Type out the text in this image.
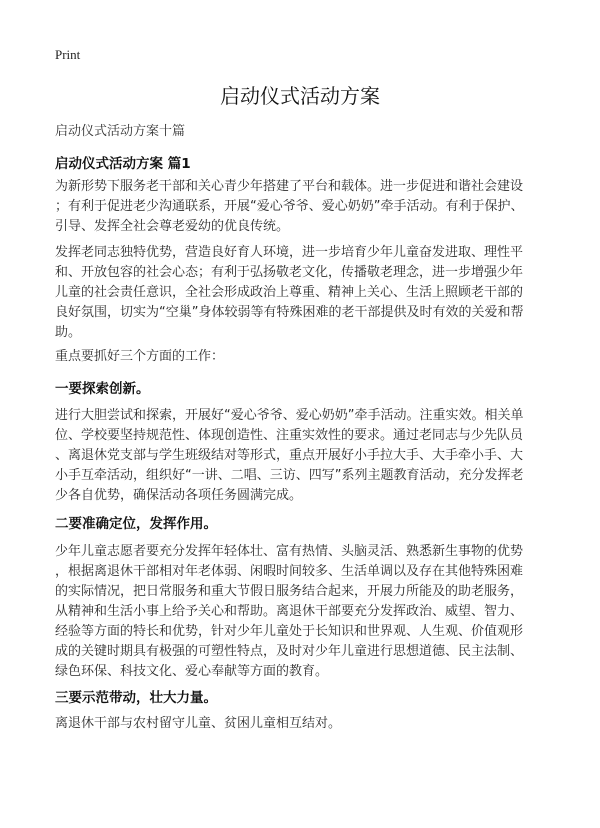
Print
启动仪式活动方案
启动仪式活动方案十篇
启动仪式活动方案 篇1
为新形势下服务老干部和关心青少年搭建了平台和载体。进一步促进和谐社会建设
；有利于促进老少沟通联系，开展“爱心爷爷、爱心奶奶”牵手活动。有利于保护、
引导、发挥全社会尊老爱幼的优良传统。
发挥老同志独特优势，营造良好育人环境，进一步培育少年儿童奋发进取、理性平
和、开放包容的社会心态；有利于弘扬敬老文化，传播敬老理念，进一步增强少年
儿童的社会责任意识，全社会形成政治上尊重、精神上关心、生活上照顾老干部的
良好氛围，切实为“空巢”身体较弱等有特殊困难的老干部提供及时有效的关爱和帮
助。
重点要抓好三个方面的工作：
一要探索创新。
进行大胆尝试和探索，开展好“爱心爷爷、爱心奶奶”牵手活动。注重实效。相关单
位、学校要坚持规范性、体现创造性、注重实效性的要求。通过老同志与少先队员
、离退休党支部与学生班级结对等形式，重点开展好小手拉大手、大手牵小手、大
小手互牵活动，组织好“一讲、二唱、三访、四写”系列主题教育活动，充分发挥老
少各自优势，确保活动各项任务圆满完成。
二要准确定位，发挥作用。
少年儿童志愿者要充分发挥年轻体壮、富有热情、头脑灵活、熟悉新生事物的优势
，根据离退休干部相对年老体弱、闲暇时间较多、生活单调以及存在其他特殊困难
的实际情况，把日常服务和重大节假日服务结合起来，开展力所能及的助老服务，
从精神和生活小事上给予关心和帮助。离退休干部要充分发挥政治、威望、智力、
经验等方面的特长和优势，针对少年儿童处于长知识和世界观、人生观、价值观形
成的关键时期具有极强的可塑性特点，及时对少年儿童进行思想道德、民主法制、
绿色环保、科技文化、爱心奉献等方面的教育。
三要示范带动，壮大力量。
离退休干部与农村留守儿童、贫困儿童相互结对。
